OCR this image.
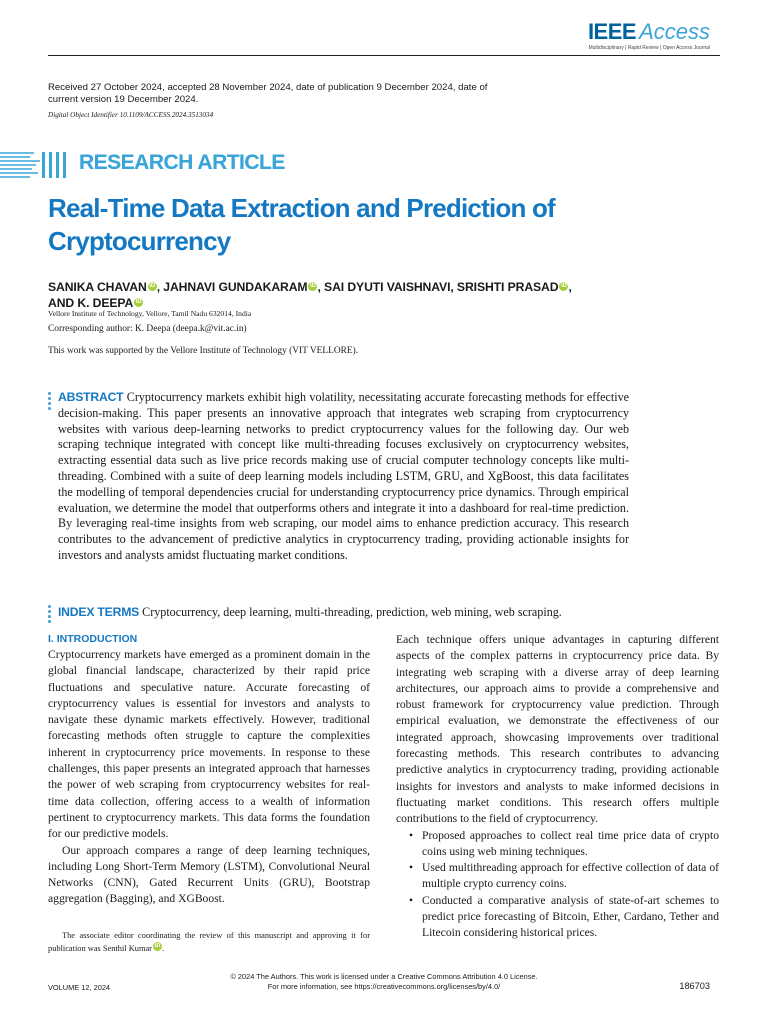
IEEE Access
Multidisciplinary | Rapid Review | Open Access Journal
Received 27 October 2024, accepted 28 November 2024, date of publication 9 December 2024, date of current version 19 December 2024.
Digital Object Identifier 10.1109/ACCESS.2024.3513034
RESEARCH ARTICLE
Real-Time Data Extraction and Prediction of Cryptocurrency
SANIKA CHAVAN iD , JAHNAVI GUNDAKARAM iD , SAI DYUTI VAISHNAVI, SRISHTI PRASAD iD ,
AND K. DEEPA iD
Vellore Institute of Technology, Vellore, Tamil Nadu 632014, India
Corresponding author: K. Deepa (deepa.k@vit.ac.in)
This work was supported by the Vellore Institute of Technology (VIT VELLORE).
ABSTRACT Cryptocurrency markets exhibit high volatility, necessitating accurate forecasting methods for effective decision-making. This paper presents an innovative approach that integrates web scraping from cryptocurrency websites with various deep-learning networks to predict cryptocurrency values for the following day. Our web scraping technique integrated with concept like multi-threading focuses exclusively on cryptocurrency websites, extracting essential data such as live price records making use of crucial computer technology concepts like multi-threading. Combined with a suite of deep learning models including LSTM, GRU, and XgBoost, this data facilitates the modelling of temporal dependencies crucial for understanding cryptocurrency price dynamics. Through empirical evaluation, we determine the model that outperforms others and integrate it into a dashboard for real-time prediction. By leveraging real-time insights from web scraping, our model aims to enhance prediction accuracy. This research contributes to the advancement of predictive analytics in cryptocurrency trading, providing actionable insights for investors and analysts amidst fluctuating market conditions.
INDEX TERMS Cryptocurrency, deep learning, multi-threading, prediction, web mining, web scraping.
I. INTRODUCTION

Cryptocurrency markets have emerged as a prominent domain in the global financial landscape, characterized by their rapid price fluctuations and speculative nature. Accurate forecasting of cryptocurrency values is essential for investors and analysts to navigate these dynamic markets effectively. However, traditional forecasting methods often struggle to capture the complexities inherent in cryptocurrency price movements. In response to these challenges, this paper presents an integrated approach that harnesses the power of web scraping from cryptocurrency websites for real-time data collection, offering access to a wealth of information pertinent to cryptocurrency markets. This data forms the foundation for our predictive models.

Our approach compares a range of deep learning techniques, including Long Short-Term Memory (LSTM), Convolutional Neural Networks (CNN), Gated Recurrent Units (GRU), Bootstrap aggregation (Bagging), and XGBoost.

The associate editor coordinating the review of this manuscript and approving it for publication was Senthil Kumar iD .

Each technique offers unique advantages in capturing different aspects of the complex patterns in cryptocurrency price data. By integrating web scraping with a diverse array of deep learning architectures, our approach aims to provide a comprehensive and robust framework for cryptocurrency value prediction. Through empirical evaluation, we demonstrate the effectiveness of our integrated approach, showcasing improvements over traditional forecasting methods. This research contributes to advancing predictive analytics in cryptocurrency trading, providing actionable insights for investors and analysts to make informed decisions in fluctuating market conditions. This research offers multiple contributions to the field of cryptocurrency.

• Proposed approaches to collect real time price data of crypto coins using web mining techniques.
• Used multithreading approach for effective collection of data of multiple crypto currency coins.
• Conducted a comparative analysis of state-of-art schemes to predict price forecasting of Bitcoin, Ether, Cardano, Tether and Litecoin considering historical prices.
© 2024 The Authors. This work is licensed under a Creative Commons Attribution 4.0 License.
For more information, see https://creativecommons.org/licenses/by/4.0/
VOLUME 12, 2024	186703
